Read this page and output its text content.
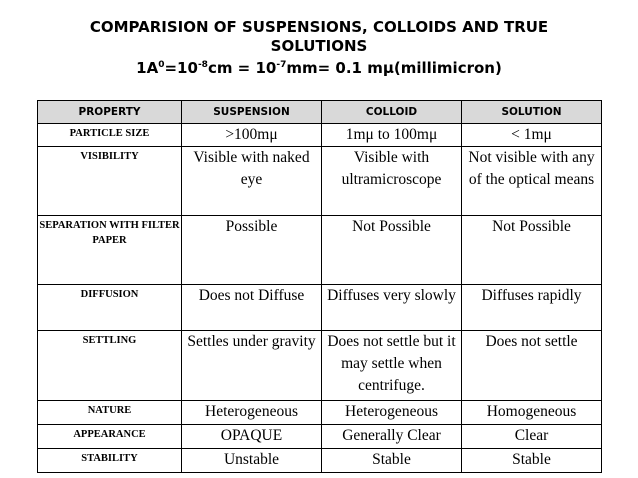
COMPARISION OF SUSPENSIONS, COLLOIDS AND TRUE
SOLUTIONS
$1A^0=10^{-8}cm = 10^{-7}mm= 0.1$ mμ(millimicron)
PROPERTY	SUSPENSION	COLLOID	SOLUTION
PARTICLE SIZE	>100mμ	1mμ to 100mμ	< 1mμ
VISIBILITY	Visible with naked eye	Visible with ultramicroscope	Not visible with any of the optical means
SEPARATION WITH FILTER PAPER	Possible	Not Possible	Not Possible
DIFFUSION	Does not Diffuse	Diffuses very slowly	Diffuses rapidly
SETTLING	Settles under gravity	Does not settle but it may settle when centrifuge.	Does not settle
NATURE	Heterogeneous	Heterogeneous	Homogeneous
APPEARANCE	OPAQUE	Generally Clear	Clear
STABILITY	Unstable	Stable	Stable
